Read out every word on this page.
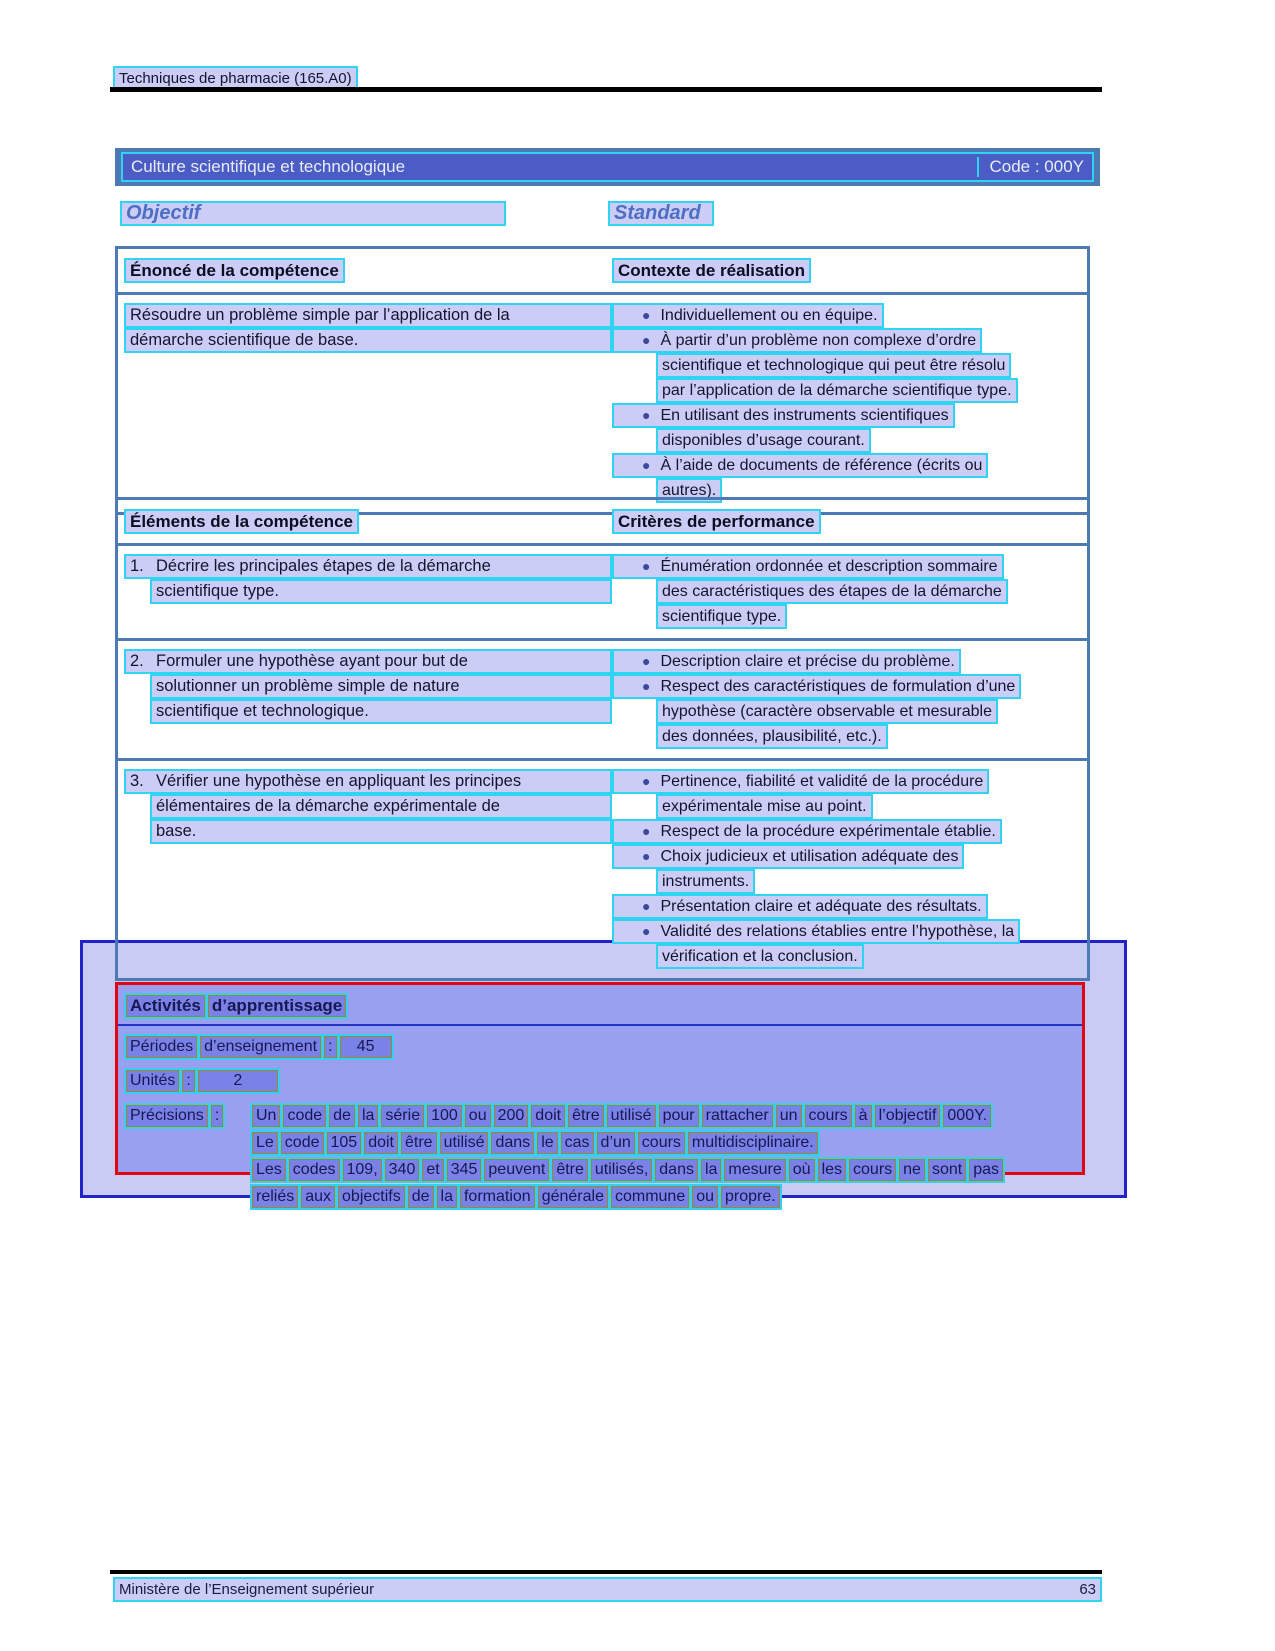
Techniques de pharmacie (165.A0)
Culture scientifique et technologique	Code : 000Y
Objectif	Standard
Énoncé de la compétence	Contexte de réalisation
Résoudre un problème simple par l’application de la
démarche scientifique de base.
● Individuellement ou en équipe.
● À partir d’un problème non complexe d’ordre
scientifique et technologique qui peut être résolu
par l’application de la démarche scientifique type.
● En utilisant des instruments scientifiques
disponibles d’usage courant.
● À l’aide de documents de référence (écrits ou
autres).
Éléments de la compétence	Critères de performance
1. Décrire les principales étapes de la démarche
scientifique type.
● Énumération ordonnée et description sommaire
des caractéristiques des étapes de la démarche
scientifique type.
2. Formuler une hypothèse ayant pour but de
solutionner un problème simple de nature
scientifique et technologique.
● Description claire et précise du problème.
● Respect des caractéristiques de formulation d’une
hypothèse (caractère observable et mesurable
des données, plausibilité, etc.).
3. Vérifier une hypothèse en appliquant les principes
élémentaires de la démarche expérimentale de
base.
● Pertinence, fiabilité et validité de la procédure
expérimentale mise au point.
● Respect de la procédure expérimentale établie.
● Choix judicieux et utilisation adéquate des
instruments.
● Présentation claire et adéquate des résultats.
● Validité des relations établies entre l’hypothèse, la
vérification et la conclusion.
Activités d’apprentissage
Périodes d’enseignement :	45
Unités :	2
Précisions : Un code de la série 100 ou 200 doit être utilisé pour rattacher un cours à l’objectif 000Y.
Le code 105 doit être utilisé dans le cas d’un cours multidisciplinaire.
Les codes 109, 340 et 345 peuvent être utilisés, dans la mesure où les cours ne sont pas
reliés aux objectifs de la formation générale commune ou propre.
Ministère de l’Enseignement supérieur	63
